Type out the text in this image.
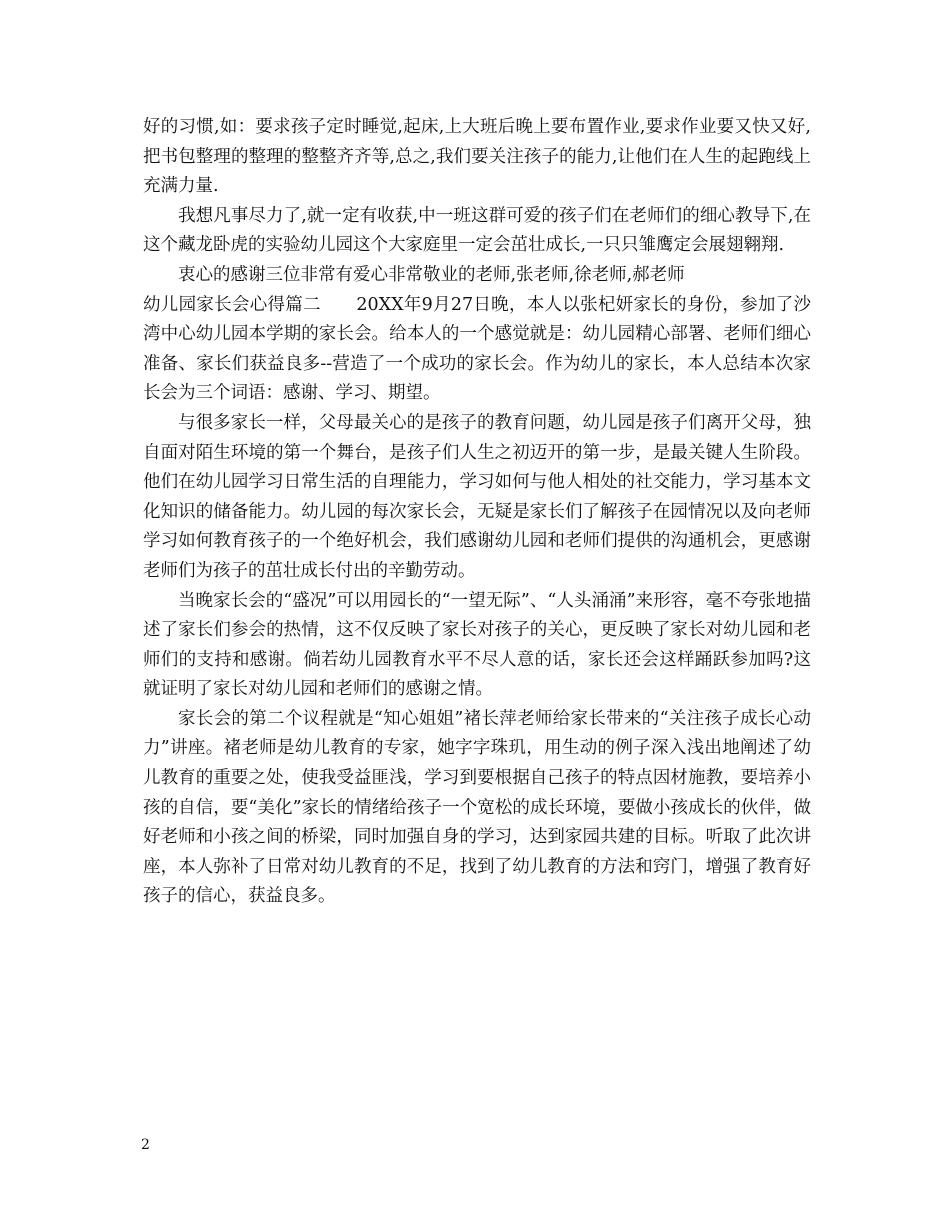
好的习惯,如：要求孩子定时睡觉,起床,上大班后晚上要布置作业,要求作业要又快又好,把书包整理的整理的整整齐齐等,总之,我们要关注孩子的能力,让他们在人生的起跑线上充满力量.

我想凡事尽力了,就一定有收获,中一班这群可爱的孩子们在老师们的细心教导下,在这个藏龙卧虎的实验幼儿园这个大家庭里一定会茁壮成长,一只只雏鹰定会展翅翱翔.

衷心的感谢三位非常有爱心非常敬业的老师,张老师,徐老师,郝老师

幼儿园家长会心得篇二　　20XX年9月27日晚，本人以张杞妍家长的身份，参加了沙湾中心幼儿园本学期的家长会。给本人的一个感觉就是：幼儿园精心部署、老师们细心准备、家长们获益良多--营造了一个成功的家长会。作为幼儿的家长，本人总结本次家长会为三个词语：感谢、学习、期望。

与很多家长一样，父母最关心的是孩子的教育问题，幼儿园是孩子们离开父母，独自面对陌生环境的第一个舞台，是孩子们人生之初迈开的第一步，是最关键人生阶段。他们在幼儿园学习日常生活的自理能力，学习如何与他人相处的社交能力，学习基本文化知识的储备能力。幼儿园的每次家长会，无疑是家长们了解孩子在园情况以及向老师学习如何教育孩子的一个绝好机会，我们感谢幼儿园和老师们提供的沟通机会，更感谢老师们为孩子的茁壮成长付出的辛勤劳动。

当晚家长会的“盛况”可以用园长的“一望无际”、“人头涌涌”来形容，毫不夸张地描述了家长们参会的热情，这不仅反映了家长对孩子的关心，更反映了家长对幼儿园和老师们的支持和感谢。倘若幼儿园教育水平不尽人意的话，家长还会这样踊跃参加吗?这就证明了家长对幼儿园和老师们的感谢之情。

家长会的第二个议程就是“知心姐姐”褚长萍老师给家长带来的“关注孩子成长心动力”讲座。褚老师是幼儿教育的专家，她字字珠玑，用生动的例子深入浅出地阐述了幼儿教育的重要之处，使我受益匪浅，学习到要根据自己孩子的特点因材施教，要培养小孩的自信，要“美化”家长的情绪给孩子一个宽松的成长环境，要做小孩成长的伙伴，做好老师和小孩之间的桥梁，同时加强自身的学习，达到家园共建的目标。听取了此次讲座，本人弥补了日常对幼儿教育的不足，找到了幼儿教育的方法和窍门，增强了教育好孩子的信心，获益良多。

2
